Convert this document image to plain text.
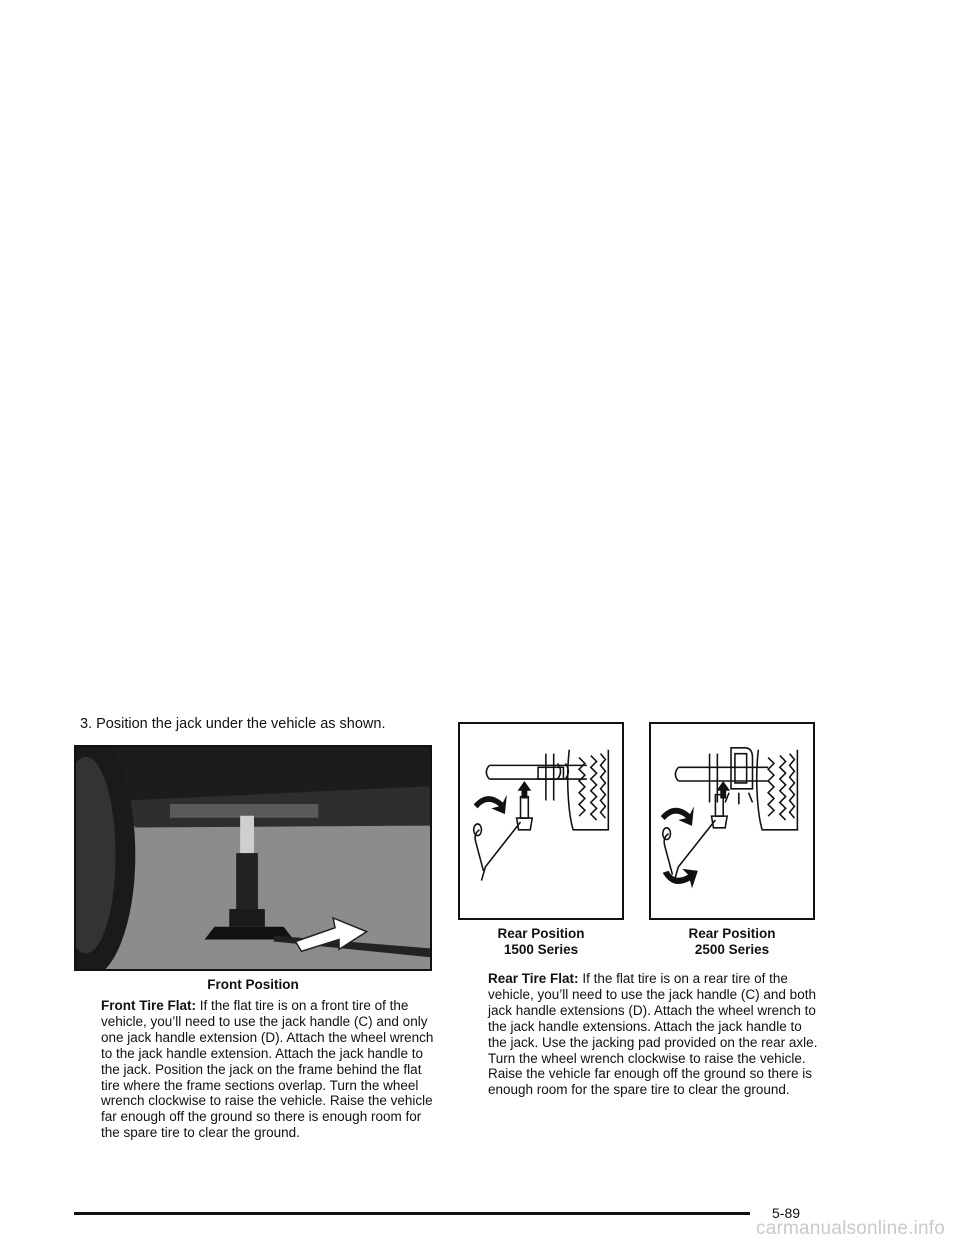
3. Position the jack under the vehicle as shown.
Front Position
Rear Position
1500 Series
Rear Position
2500 Series
Front Tire Flat: If the flat tire is on a front tire of the vehicle, you’ll need to use the jack handle (C) and only one jack handle extension (D). Attach the wheel wrench to the jack handle extension. Attach the jack handle to the jack. Position the jack on the frame behind the flat tire where the frame sections overlap. Turn the wheel wrench clockwise to raise the vehicle. Raise the vehicle far enough off the ground so there is enough room for the spare tire to clear the ground.
Rear Tire Flat: If the flat tire is on a rear tire of the vehicle, you’ll need to use the jack handle (C) and both jack handle extensions (D). Attach the wheel wrench to the jack handle extensions. Attach the jack handle to the jack. Use the jacking pad provided on the rear axle. Turn the wheel wrench clockwise to raise the vehicle. Raise the vehicle far enough off the ground so there is enough room for the spare tire to clear the ground.
5-89
carmanualsonline.info
